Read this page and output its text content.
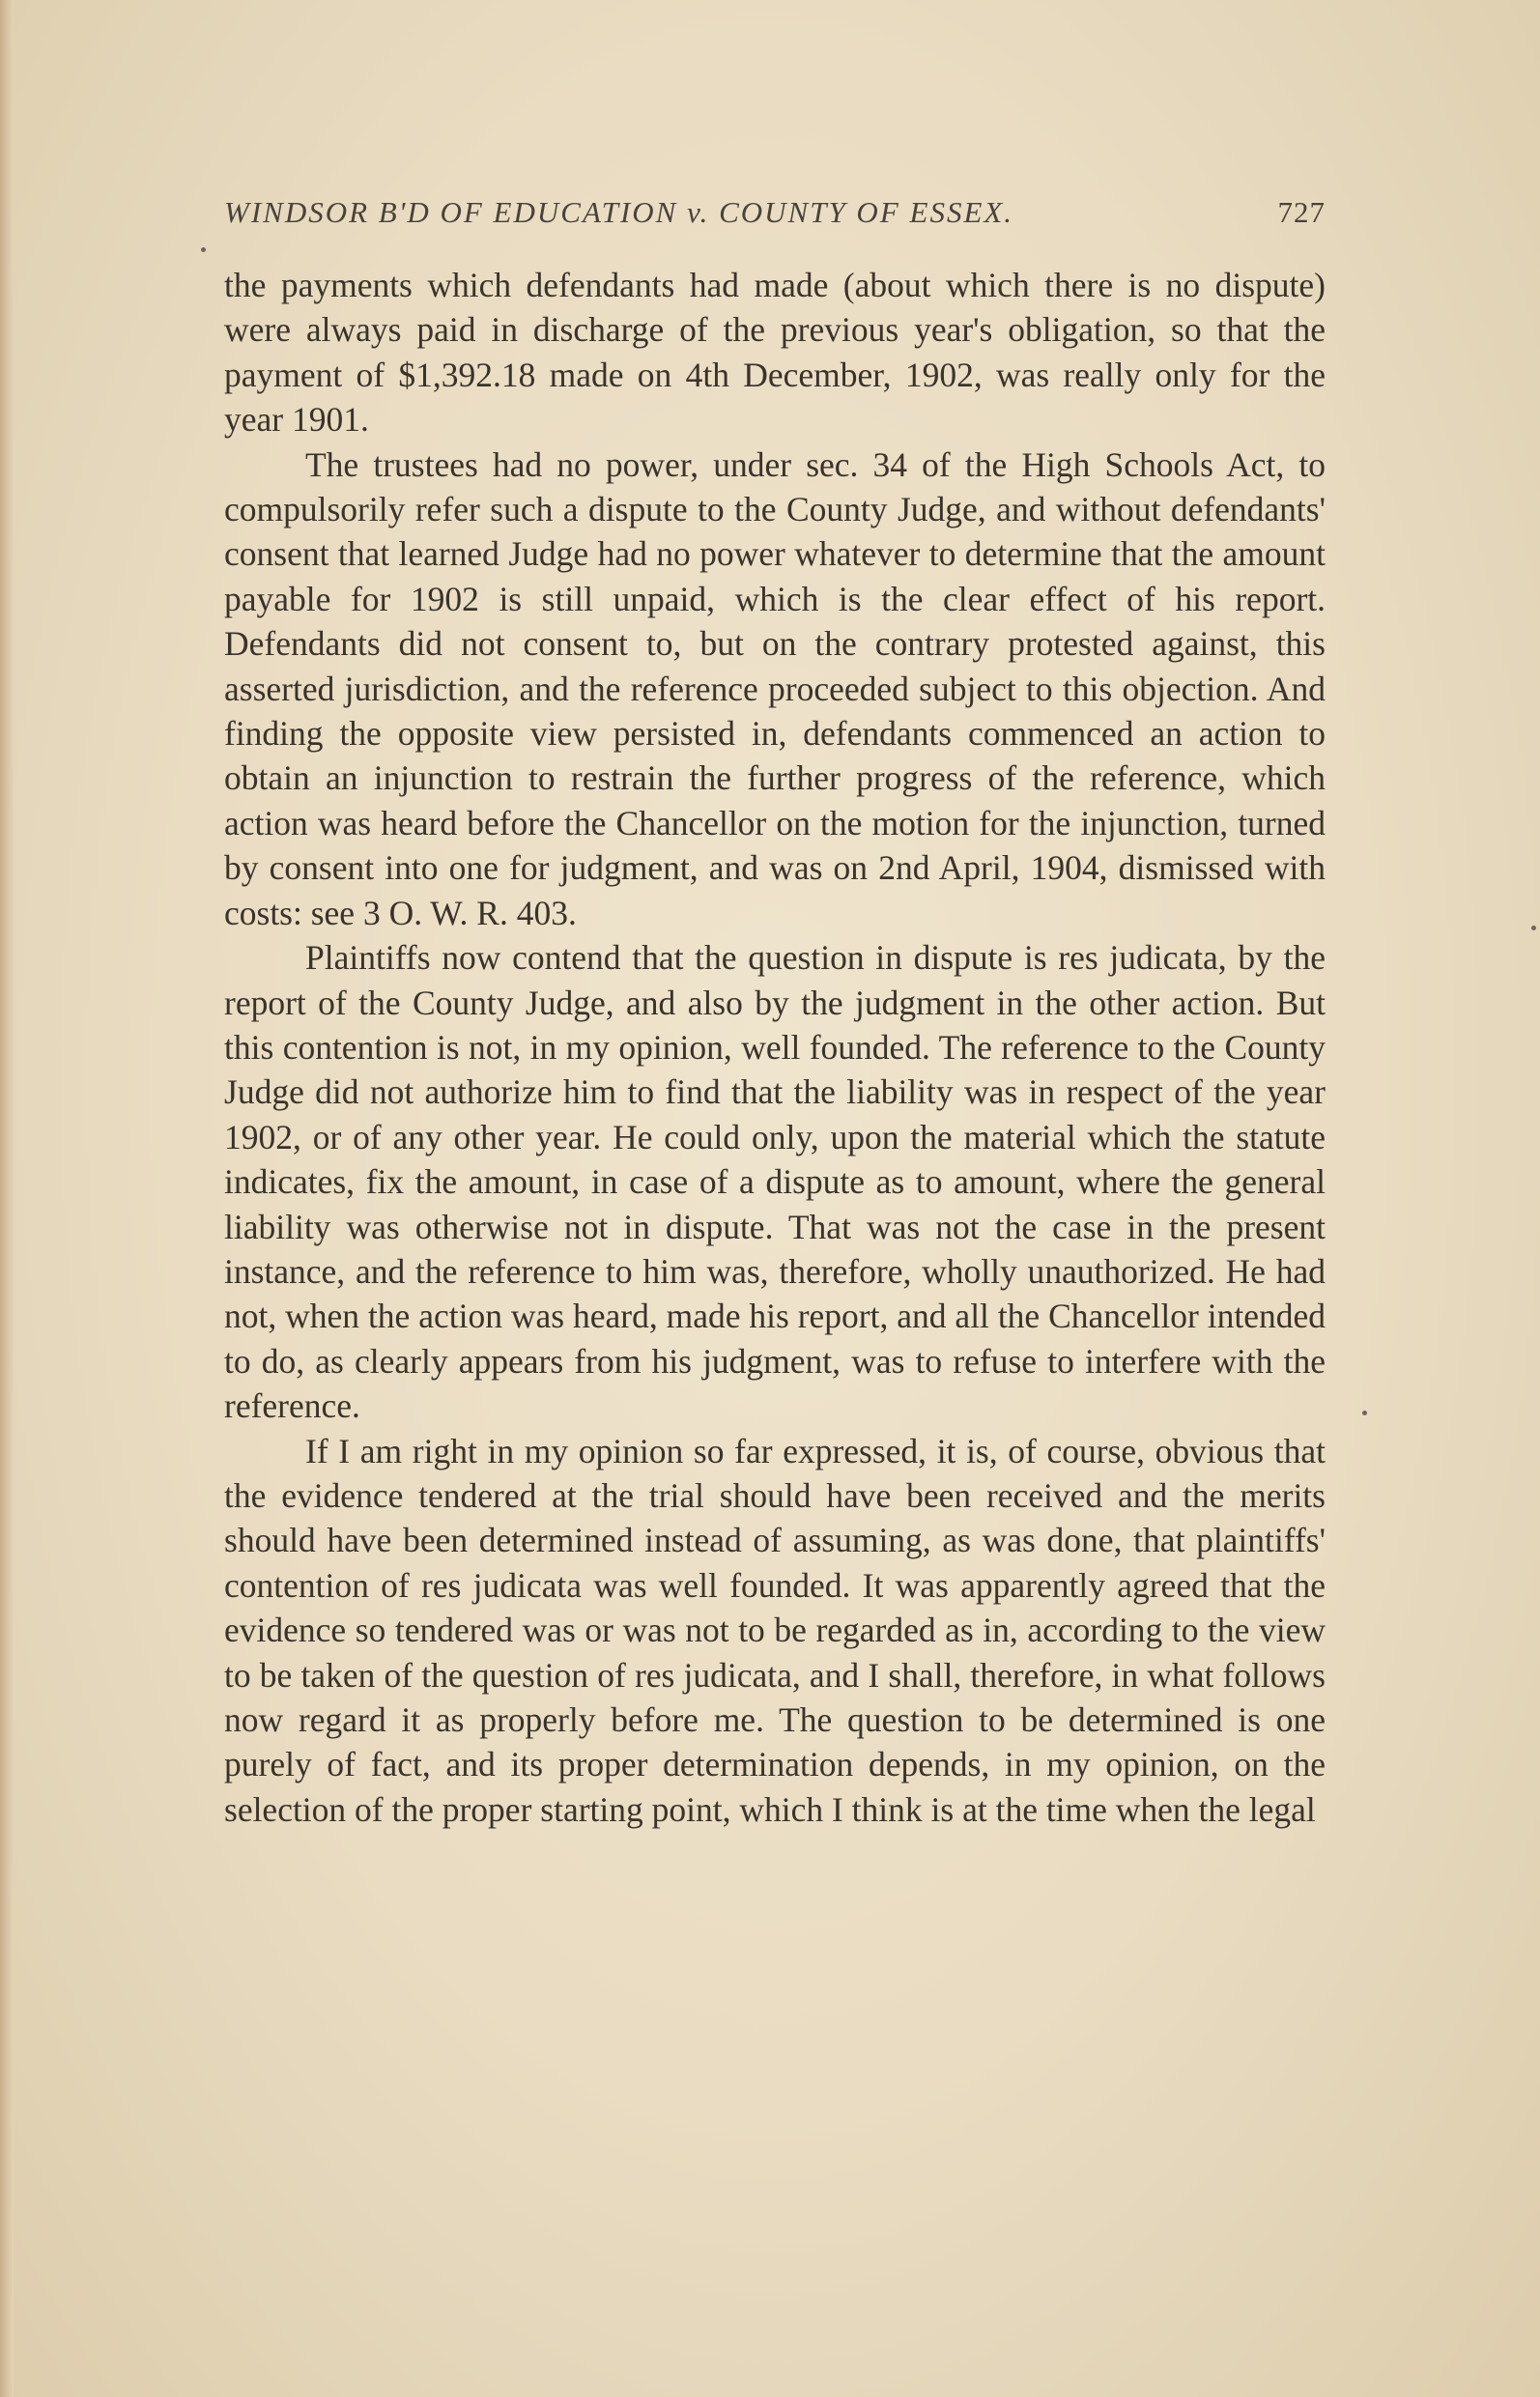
WINDSOR B'D OF EDUCATION v. COUNTY OF ESSEX.	727

the payments which defendants had made (about which there is no dispute) were always paid in discharge of the previous year's obligation, so that the payment of $1,392.18 made on 4th December, 1902, was really only for the year 1901.

The trustees had no power, under sec. 34 of the High Schools Act, to compulsorily refer such a dispute to the County Judge, and without defendants' consent that learned Judge had no power whatever to determine that the amount payable for 1902 is still unpaid, which is the clear effect of his report. Defendants did not consent to, but on the contrary protested against, this asserted jurisdiction, and the reference proceeded subject to this objection. And finding the opposite view persisted in, defendants commenced an action to obtain an injunction to restrain the further progress of the reference, which action was heard before the Chancellor on the motion for the injunction, turned by consent into one for judgment, and was on 2nd April, 1904, dismissed with costs: see 3 O. W. R. 403.

Plaintiffs now contend that the question in dispute is res judicata, by the report of the County Judge, and also by the judgment in the other action. But this contention is not, in my opinion, well founded. The reference to the County Judge did not authorize him to find that the liability was in respect of the year 1902, or of any other year. He could only, upon the material which the statute indicates, fix the amount, in case of a dispute as to amount, where the general liability was otherwise not in dispute. That was not the case in the present instance, and the reference to him was, therefore, wholly unauthorized. He had not, when the action was heard, made his report, and all the Chancellor intended to do, as clearly appears from his judgment, was to refuse to interfere with the reference.

If I am right in my opinion so far expressed, it is, of course, obvious that the evidence tendered at the trial should have been received and the merits should have been determined instead of assuming, as was done, that plaintiffs' contention of res judicata was well founded. It was apparently agreed that the evidence so tendered was or was not to be regarded as in, according to the view to be taken of the question of res judicata, and I shall, therefore, in what follows now regard it as properly before me. The question to be determined is one purely of fact, and its proper determination depends, in my opinion, on the selection of the proper starting point, which I think is at the time when the legal
